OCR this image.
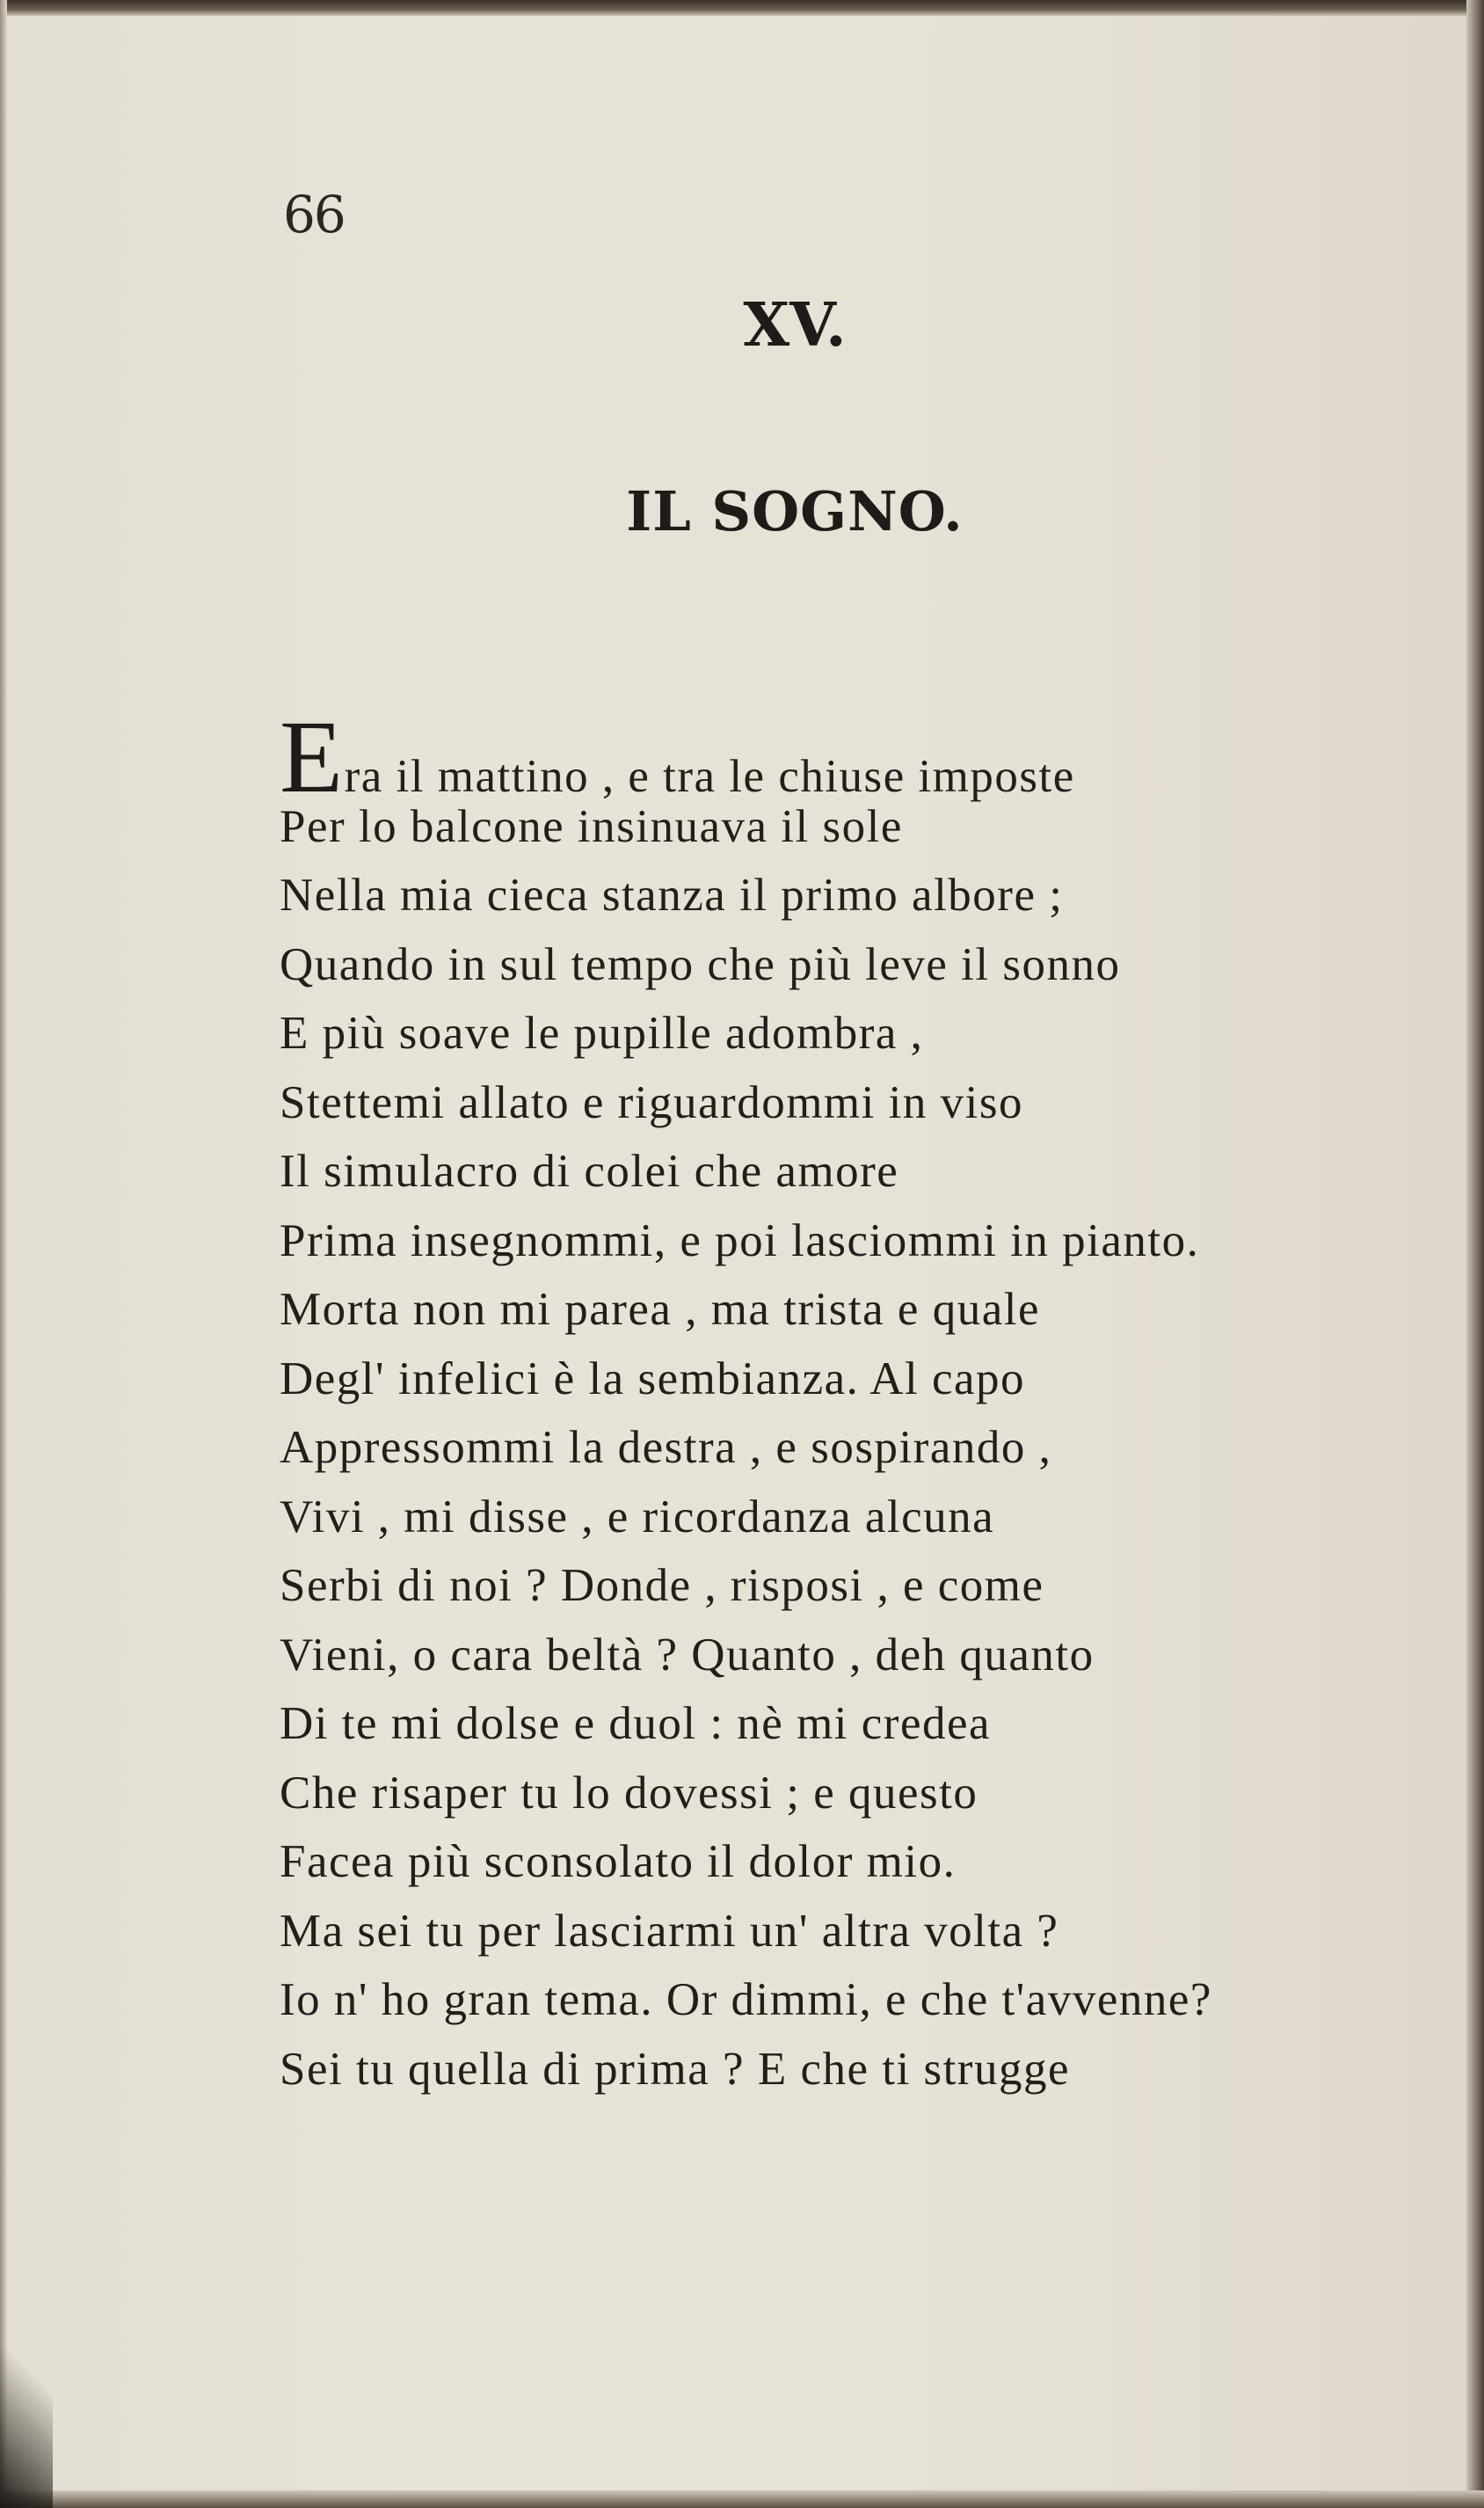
66
XV.
IL SOGNO.
Era il mattino , e tra le chiuse imposte
Per lo balcone insinuava il sole
Nella mia cieca stanza il primo albore ;
Quando in sul tempo che più leve il sonno
E più soave le pupille adombra ,
Stettemi allato e riguardommi in viso
Il simulacro di colei che amore
Prima insegnommi, e poi lasciommi in pianto.
Morta non mi parea , ma trista e quale
Degl' infelici è la sembianza. Al capo
Appressommi la destra , e sospirando ,
Vivi , mi disse , e ricordanza alcuna
Serbi di noi ? Donde , risposi , e come
Vieni, o cara beltà ? Quanto , deh quanto
Di te mi dolse e duol : nè mi credea
Che risaper tu lo dovessi ; e questo
Facea più sconsolato il dolor mio.
Ma sei tu per lasciarmi un' altra volta ?
Io n' ho gran tema. Or dimmi, e che t'avvenne?
Sei tu quella di prima ? E che ti strugge
